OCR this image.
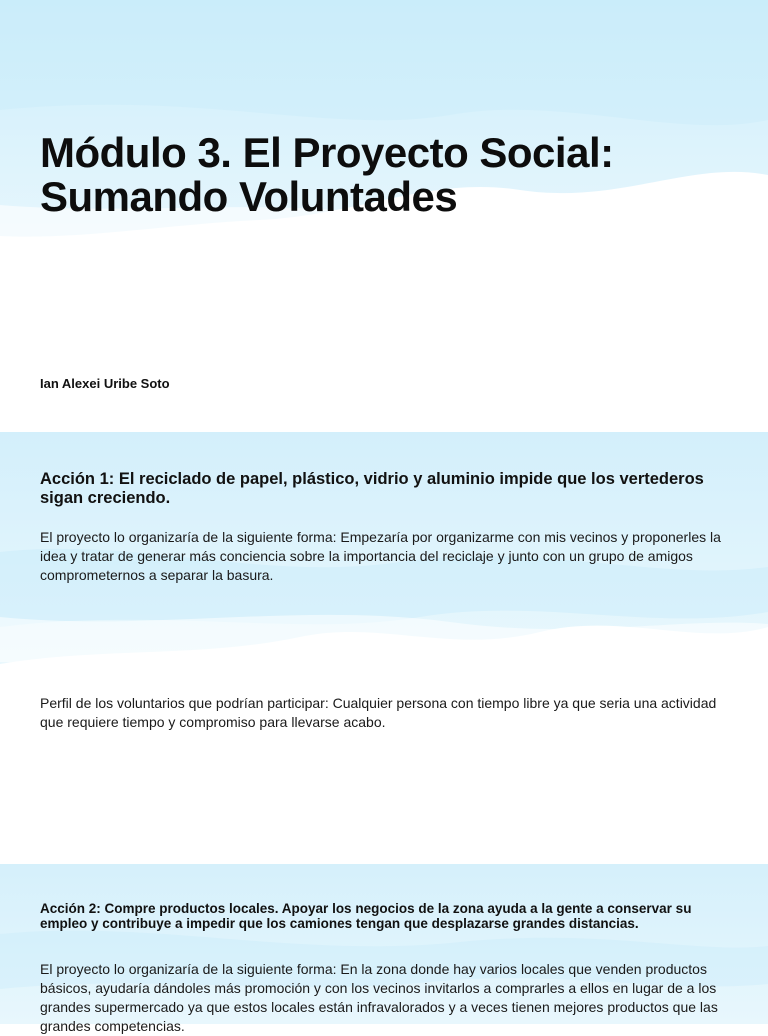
Módulo 3. El Proyecto Social: Sumando Voluntades

Ian Alexei Uribe Soto

Acción 1: El reciclado de papel, plástico, vidrio y aluminio impide que los vertederos sigan creciendo.

El proyecto lo organizaría de la siguiente forma: Empezaría por organizarme con mis vecinos y proponerles la idea y tratar de generar más conciencia sobre la importancia del reciclaje y junto con un grupo de amigos comprometernos a separar la basura.

Perfil de los voluntarios que podrían participar: Cualquier persona con tiempo libre ya que seria una actividad que requiere tiempo y compromiso para llevarse acabo.

Acción 2: Compre productos locales. Apoyar los negocios de la zona ayuda a la gente a conservar su empleo y contribuye a impedir que los camiones tengan que desplazarse grandes distancias.

El proyecto lo organizaría de la siguiente forma: En la zona donde hay varios locales que venden productos básicos, ayudaría dándoles más promoción y con los vecinos invitarlos a comprarles a ellos en lugar de a los grandes supermercado ya que estos locales están infravalorados y a veces tienen mejores productos que las grandes competencias.
